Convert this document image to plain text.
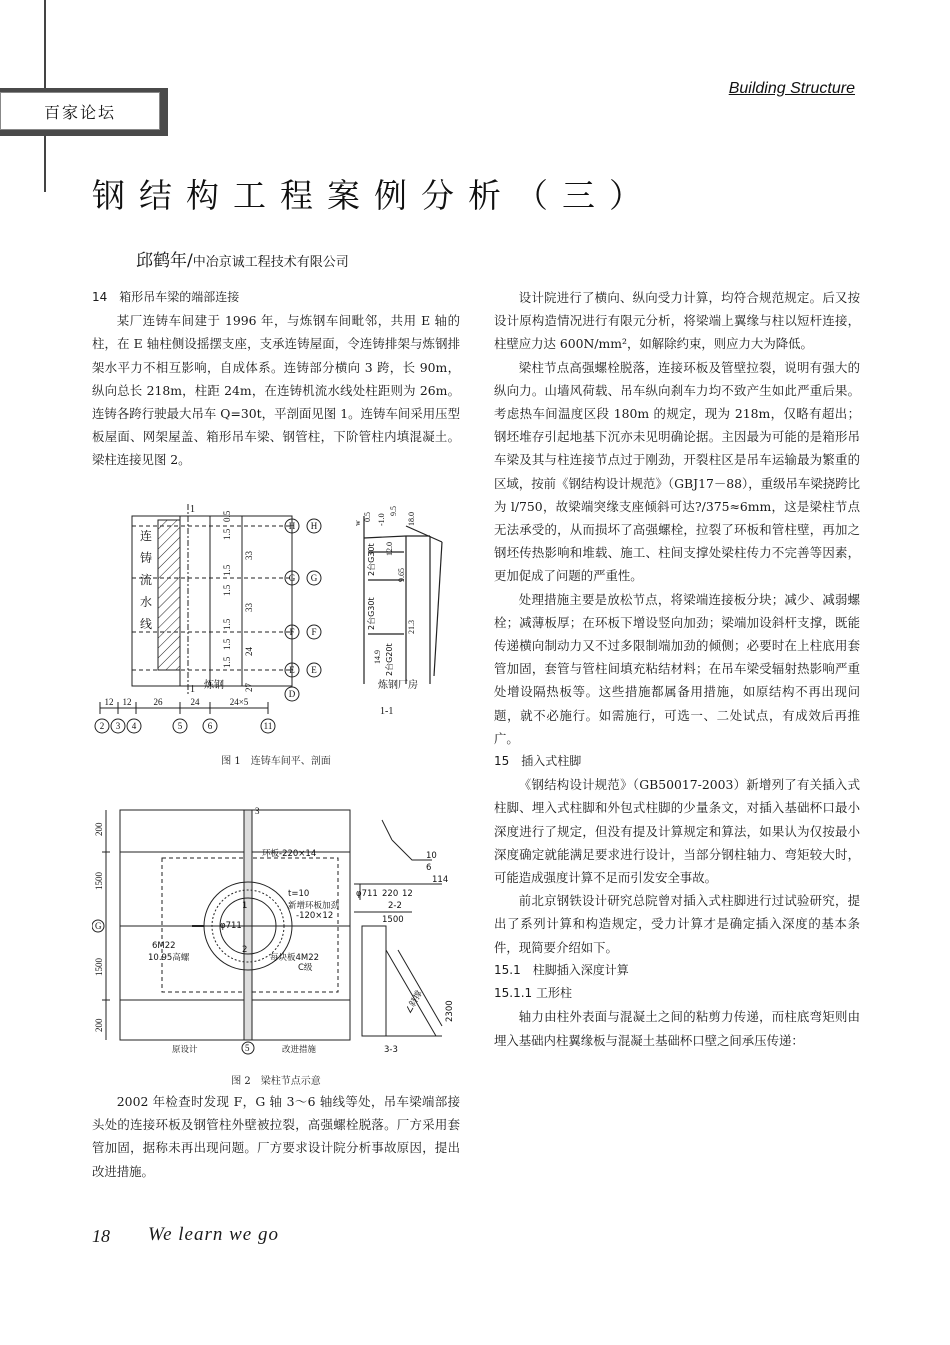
百家论坛
Building Structure
钢结构工程案例分析（三）
邱鹤年/中冶京诚工程技术有限公司
14　箱形吊车梁的端部连接

某厂连铸车间建于 1996 年，与炼钢车间毗邻，共用 E 轴的柱，在 E 轴柱侧设摇摆支座，支承连铸屋面，令连铸排架与炼钢排架水平力不相互影响，自成体系。连铸部分横向 3 跨，长 90m，纵向总长 218m，柱距 24m，在连铸机流水线处柱距则为 26m。连铸各跨行驶最大吊车 Q=30t，平剖面见图 1。连铸车间采用压型板屋面、网架屋盖、箱形吊车梁、钢管柱，下阶管柱内填混凝土。梁柱连接见图 2。

连
铸
流
水
线
1
1 炼钢
0.5
1.5
33
1.5
1.5
33
1.5
1.5
24
1.5
27
H
G
F
E
D
H
G
F
E
12 12 26	24	24×5
2 3 4	5	6	11
w
0.5 -1.0
9.5
18.0
12.0
9.65
21.3
14.9
2台G30t
2台G30t
2台G20t
炼钢厂房
1-1
图 1　连铸车间平、剖面
200
1500
1500
200
G
5
3
环板-220×14
t=10
新增环板加劲
-120×12
φ711
1
2
6M22
10.95高螺	每块板4M22
C级
原设计	改进措施
φ711 220 12
2-2
1500
10
6
114
2300
∠斜撑
3-3
图 2　梁柱节点示意

2002 年检查时发现 F，G 轴 3～6 轴线等处，吊车梁端部接头处的连接环板及钢管柱外壁被拉裂，高强螺栓脱落。厂方采用套管加固，据称未再出现问题。厂方要求设计院分析事故原因，提出改进措施。

设计院进行了横向、纵向受力计算，均符合规范规定。后又按设计原构造情况进行有限元分析，将梁端上翼缘与柱以短杆连接，柱壁应力达 600N/mm²，如解除约束，则应力大为降低。

梁柱节点高强螺栓脱落，连接环板及管壁拉裂，说明有强大的纵向力。山墙风荷载、吊车纵向刹车力均不致产生如此严重后果。考虑热车间温度区段 180m 的规定，现为 218m，仅略有超出；钢坯堆存引起地基下沉亦未见明确论据。主因最为可能的是箱形吊车梁及其与柱连接节点过于刚劲，开裂柱区是吊车运输最为繁重的区域，按前《钢结构设计规范》（GBJ17－88），重级吊车梁挠跨比为 l/750，故梁端突缘支座倾斜可达?/375≈6mm，这是梁柱节点无法承受的，从而损坏了高强螺栓，拉裂了环板和管柱壁，再加之钢坯传热影响和堆载、施工、柱间支撑处梁柱传力不完善等因素，更加促成了问题的严重性。

处理措施主要是放松节点，将梁端连接板分块；减少、减弱螺栓；减薄板厚；在环板下增设竖向加劲；梁端加设斜杆支撑，既能传递横向制动力又不过多限制端加劲的倾侧；必要时在上柱底用套管加固，套管与管柱间填充粘结材料；在吊车梁受辐射热影响严重处增设隔热板等。这些措施都属备用措施，如原结构不再出现问题，就不必施行。如需施行，可选一、二处试点，有成效后再推广。

15　插入式柱脚

《钢结构设计规范》（GB50017-2003）新增列了有关插入式柱脚、埋入式柱脚和外包式柱脚的少量条文，对插入基础杯口最小深度进行了规定，但没有提及计算规定和算法，如果认为仅按最小深度确定就能满足要求进行设计，当部分钢柱轴力、弯矩较大时，可能造成强度计算不足而引发安全事故。

前北京钢铁设计研究总院曾对插入式柱脚进行过试验研究，提出了系列计算和构造规定，受力计算才是确定插入深度的基本条件，现简要介绍如下。

15.1　柱脚插入深度计算
15.1.1 工形柱

轴力由柱外表面与混凝土之间的粘剪力传递，而柱底弯矩则由埋入基础内柱翼缘板与混凝土基础杯口壁之间承压传递：

18 We learn we go
